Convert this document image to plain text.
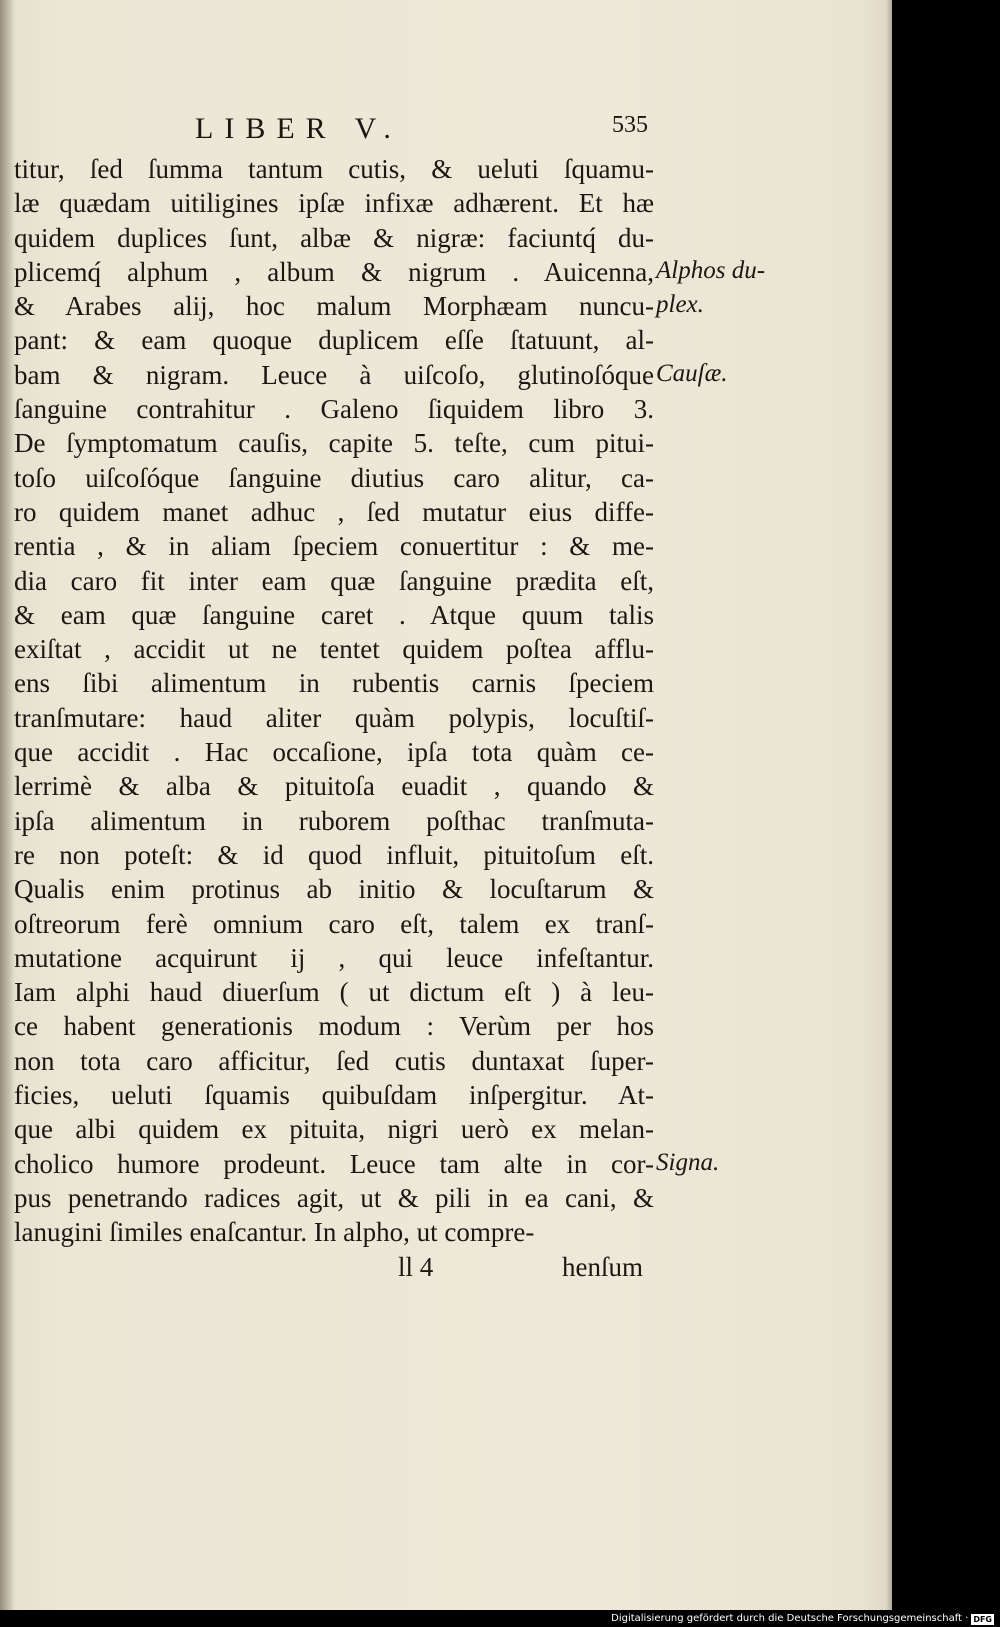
LIBER V.	535
titur, ſed ſumma tantum cutis, & ueluti ſquamu-
læ quædam uitiligines ipſæ infixæ adhærent. Et hæ
quidem duplices ſunt, albæ & nigræ: faciuntq́ du-
plicemq́ alphum , album & nigrum . Auicenna,
& Arabes alij, hoc malum Morphæam nuncu-
pant: & eam quoque duplicem eſſe ſtatuunt, al-
bam & nigram. Leuce à uiſcoſo, glutinoſóque
ſanguine contrahitur . Galeno ſiquidem libro 3.
De ſymptomatum cauſis, capite 5. teſte, cum pitui-
toſo uiſcoſóque ſanguine diutius caro alitur, ca-
ro quidem manet adhuc , ſed mutatur eius diffe-
rentia , & in aliam ſpeciem conuertitur : & me-
dia caro fit inter eam quæ ſanguine prædita eſt,
& eam quæ ſanguine caret . Atque quum talis
exiſtat , accidit ut ne tentet quidem poſtea afflu-
ens ſibi alimentum in rubentis carnis ſpeciem
tranſmutare: haud aliter quàm polypis, locuſtiſ-
que accidit . Hac occaſione, ipſa tota quàm ce-
lerrimè & alba & pituitoſa euadit , quando &
ipſa alimentum in ruborem poſthac tranſmuta-
re non poteſt: & id quod influit, pituitoſum eſt.
Qualis enim protinus ab initio & locuſtarum &
oſtreorum ferè omnium caro eſt, talem ex tranſ-
mutatione acquirunt ij , qui leuce infeſtantur.
Iam alphi haud diuerſum ( ut dictum eſt ) à leu-
ce habent generationis modum : Verùm per hos
non tota caro afficitur, ſed cutis duntaxat ſuper-
ficies, ueluti ſquamis quibuſdam inſpergitur. At-
que albi quidem ex pituita, nigri uerò ex melan-
cholico humore prodeunt. Leuce tam alte in cor-
pus penetrando radices agit, ut & pili in ea cani, &
lanugini ſimiles enaſcantur. In alpho, ut compre-
Alphos du-
plex.
Cauſæ.
Signa.
ll 4	henſum
Digitalisierung gefördert durch die Deutsche Forschungsgemeinschaft · DFG
